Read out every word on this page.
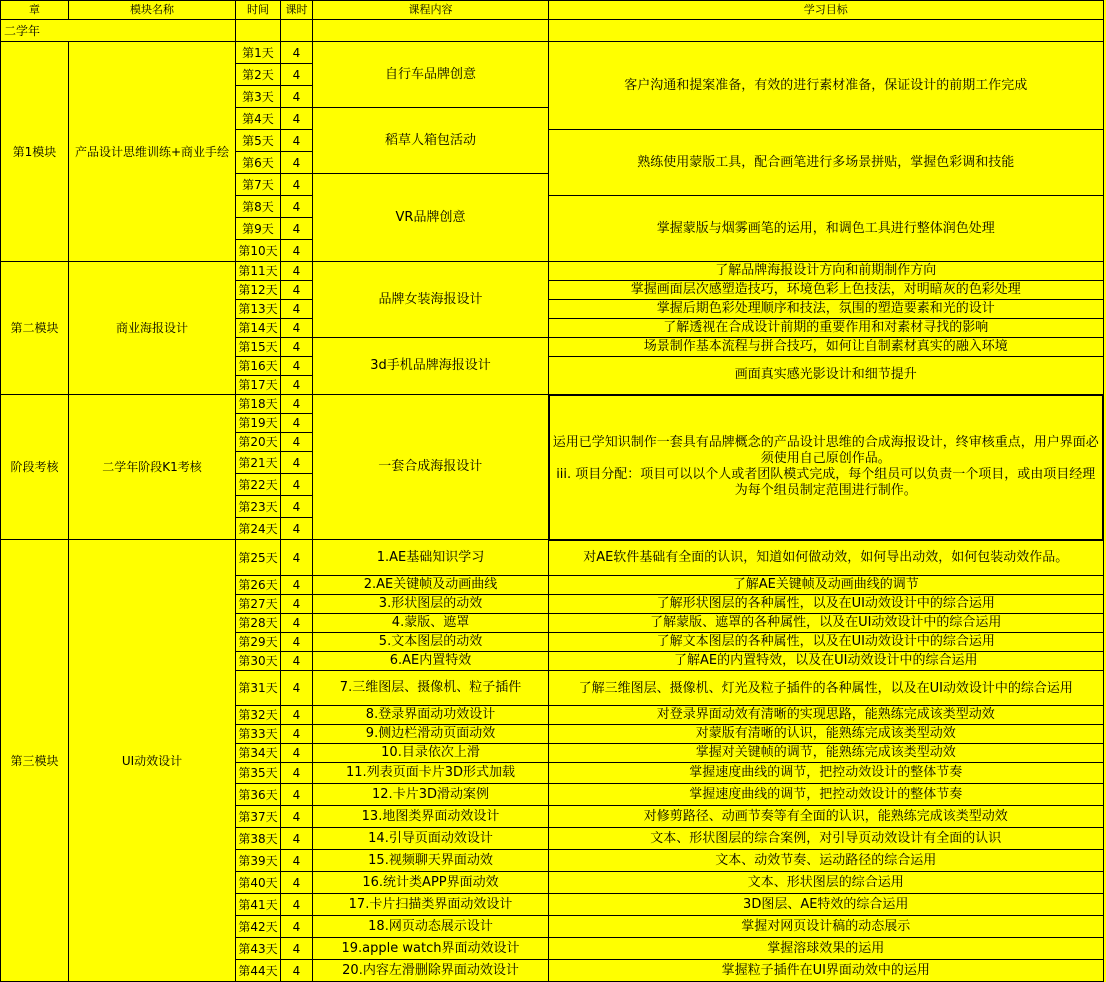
章	模块名称	时间	课时	课程内容	学习目标
二学年					
第1模块	产品设计思维训练+商业手绘	第1天	4	自行车品牌创意	客户沟通和提案准备，有效的进行素材准备，保证设计的前期工作完成
		第2天	4		
		第3天	4		
		第4天	4	稻草人箱包活动	
		第5天	4		熟练使用蒙版工具，配合画笔进行多场景拼贴，掌握色彩调和技能
		第6天	4		
		第7天	4	VR品牌创意	
		第8天	4		掌握蒙版与烟雾画笔的运用，和调色工具进行整体润色处理
		第9天	4		
		第10天	4		
第二模块	商业海报设计	第11天	4	品牌女装海报设计	了解品牌海报设计方向和前期制作方向
		第12天	4		掌握画面层次感塑造技巧，环境色彩上色技法，对明暗灰的色彩处理
		第13天	4		掌握后期色彩处理顺序和技法，氛围的塑造要素和光的设计
		第14天	4		了解透视在合成设计前期的重要作用和对素材寻找的影响
		第15天	4	3d手机品牌海报设计	场景制作基本流程与拼合技巧，如何让自制素材真实的融入环境
		第16天	4		画面真实感光影设计和细节提升
		第17天	4		
阶段考核	二学年阶段K1考核	第18天	4	一套合成海报设计	运用已学知识制作一套具有品牌概念的产品设计思维的合成海报设计，终审核重点，用户界面必须使用自己原创作品。
iii. 项目分配：项目可以以个人或者团队模式完成，每个组员可以负责一个项目，或由项目经理为每个组员制定范围进行制作。

		第19天	4		
		第20天	4		
		第21天	4		
		第22天	4		
		第23天	4		
		第24天	4		
第三模块	UI动效设计	第25天	4	1.AE基础知识学习	对AE软件基础有全面的认识，知道如何做动效，如何导出动效，如何包装动效作品。
		第26天	4	2.AE关键帧及动画曲线	了解AE关键帧及动画曲线的调节
		第27天	4	3.形状图层的动效	了解形状图层的各种属性，以及在UI动效设计中的综合运用
		第28天	4	4.蒙版、遮罩	了解蒙版、遮罩的各种属性，以及在UI动效设计中的综合运用
		第29天	4	5.文本图层的动效	了解文本图层的各种属性，以及在UI动效设计中的综合运用
		第30天	4	6.AE内置特效	了解AE的内置特效，以及在UI动效设计中的综合运用
		第31天	4	7.三维图层、摄像机、粒子插件	了解三维图层、摄像机、灯光及粒子插件的各种属性，以及在UI动效设计中的综合运用
		第32天	4	8.登录界面动功效设计	对登录界面动效有清晰的实现思路，能熟练完成该类型动效
		第33天	4	9.侧边栏滑动页面动效	对蒙版有清晰的认识，能熟练完成该类型动效
		第34天	4	10.目录依次上滑	掌握对关键帧的调节，能熟练完成该类型动效
		第35天	4	11.列表页面卡片3D形式加载	掌握速度曲线的调节，把控动效设计的整体节奏
		第36天	4	12.卡片3D滑动案例	掌握速度曲线的调节，把控动效设计的整体节奏
		第37天	4	13.地图类界面动效设计	对修剪路径、动画节奏等有全面的认识，能熟练完成该类型动效
		第38天	4	14.引导页面动效设计	文本、形状图层的综合案例，对引导页动效设计有全面的认识
		第39天	4	15.视频聊天界面动效	文本、动效节奏、运动路径的综合运用
		第40天	4	16.统计类APP界面动效	文本、形状图层的综合运用
		第41天	4	17.卡片扫描类界面动效设计	3D图层、AE特效的综合运用
		第42天	4	18.网页动态展示设计	掌握对网页设计稿的动态展示
		第43天	4	19.apple watch界面动效设计	掌握溶球效果的运用
		第44天	4	20.内容左滑删除界面动效设计	掌握粒子插件在UI界面动效中的运用
